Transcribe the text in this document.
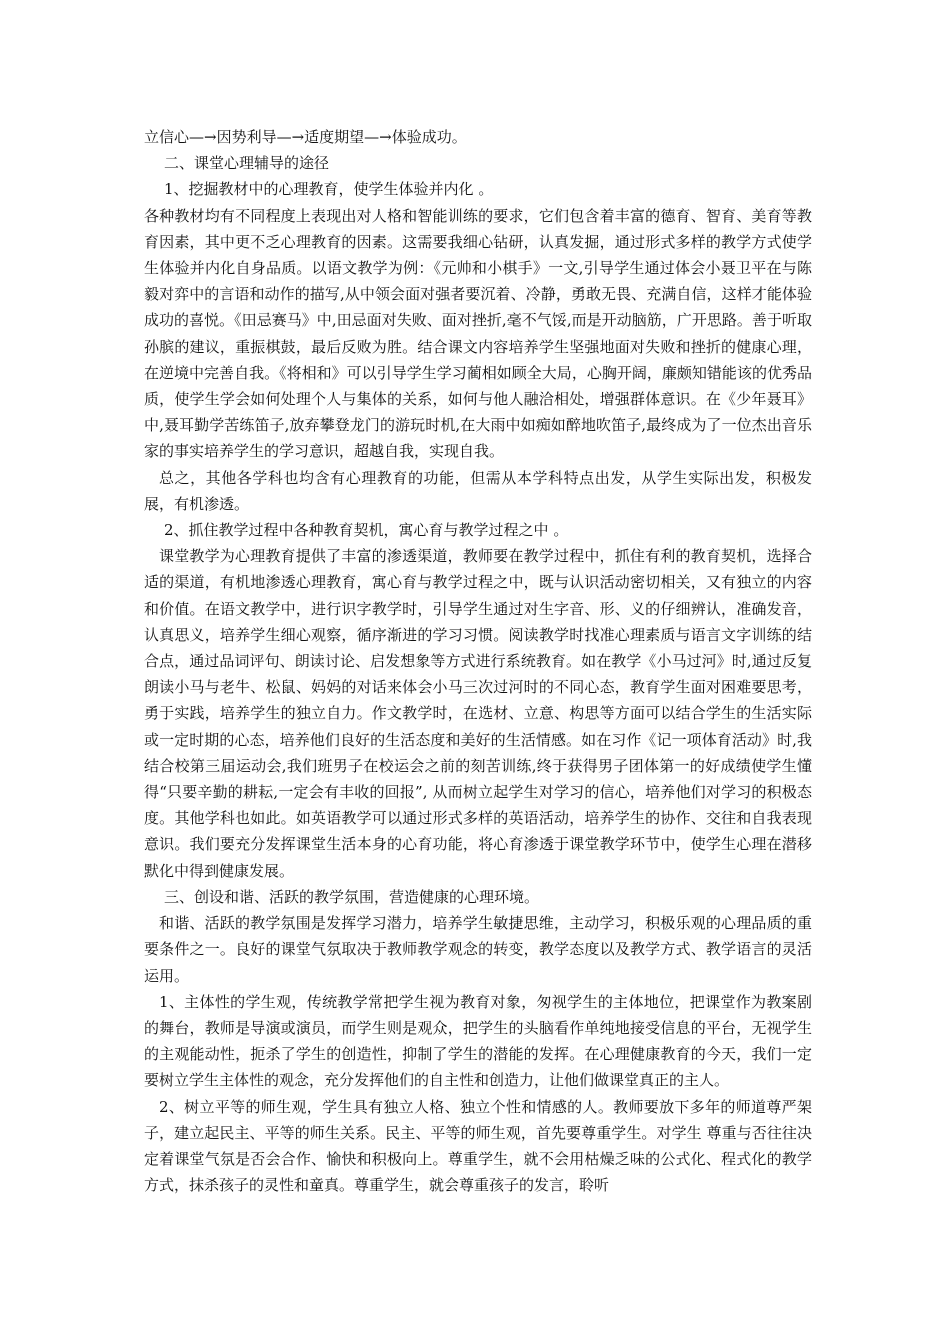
立信心—→因势利导—→适度期望—→体验成功。

二、课堂心理辅导的途径

1、挖掘教材中的心理教育，使学生体验并内化 。

各种教材均有不同程度上表现出对人格和智能训练的要求，它们包含着丰富的德育、智育、美育等教育因素，其中更不乏心理教育的因素。这需要我细心钻研，认真发掘，通过形式多样的教学方式使学生体验并内化自身品质。以语文教学为例：《元帅和小棋手》一文,引导学生通过体会小聂卫平在与陈毅对弈中的言语和动作的描写,从中领会面对强者要沉着、冷静，勇敢无畏、充满自信，这样才能体验成功的喜悦。《田忌赛马》中,田忌面对失败、面对挫折,毫不气馁,而是开动脑筋，广开思路。善于听取孙膑的建议，重振棋鼓，最后反败为胜。结合课文内容培养学生坚强地面对失败和挫折的健康心理，在逆境中完善自我。《将相和》可以引导学生学习蔺相如顾全大局，心胸开阔，廉颇知错能该的优秀品质，使学生学会如何处理个人与集体的关系，如何与他人融洽相处，增强群体意识。在《少年聂耳》中,聂耳勤学苦练笛子,放弃攀登龙门的游玩时机,在大雨中如痴如醉地吹笛子,最终成为了一位杰出音乐家的事实培养学生的学习意识，超越自我，实现自我。

总之，其他各学科也均含有心理教育的功能，但需从本学科特点出发，从学生实际出发，积极发展，有机渗透。

2、抓住教学过程中各种教育契机，寓心育与教学过程之中 。

课堂教学为心理教育提供了丰富的渗透渠道，教师要在教学过程中，抓住有利的教育契机，选择合适的渠道，有机地渗透心理教育，寓心育与教学过程之中，既与认识活动密切相关，又有独立的内容和价值。在语文教学中，进行识字教学时，引导学生通过对生字音、形、义的仔细辨认，准确发音，认真思义，培养学生细心观察，循序渐进的学习习惯。阅读教学时找准心理素质与语言文字训练的结合点，通过品词评句、朗读讨论、启发想象等方式进行系统教育。如在教学《小马过河》时,通过反复朗读小马与老牛、松鼠、妈妈的对话来体会小马三次过河时的不同心态，教育学生面对困难要思考，勇于实践，培养学生的独立自力。作文教学时，在选材、立意、构思等方面可以结合学生的生活实际或一定时期的心态，培养他们良好的生活态度和美好的生活情感。如在习作《记一项体育活动》时,我结合校第三届运动会,我们班男子在校运会之前的刻苦训练,终于获得男子团体第一的好成绩使学生懂得“只要辛勤的耕耘,一定会有丰收的回报”, 从而树立起学生对学习的信心，培养他们对学习的积极态度。其他学科也如此。如英语教学可以通过形式多样的英语活动，培养学生的协作、交往和自我表现意识。我们要充分发挥课堂生活本身的心育功能，将心育渗透于课堂教学环节中，使学生心理在潜移默化中得到健康发展。

三、创设和谐、活跃的教学氛围，营造健康的心理环境。

和谐、活跃的教学氛围是发挥学习潜力，培养学生敏捷思维，主动学习，积极乐观的心理品质的重要条件之一。良好的课堂气氛取决于教师教学观念的转变，教学态度以及教学方式、教学语言的灵活运用。

1、主体性的学生观，传统教学常把学生视为教育对象，匆视学生的主体地位，把课堂作为教案剧的舞台，教师是导演或演员，而学生则是观众，把学生的头脑看作单纯地接受信息的平台，无视学生的主观能动性，扼杀了学生的创造性，抑制了学生的潜能的发挥。在心理健康教育的今天，我们一定要树立学生主体性的观念，充分发挥他们的自主性和创造力，让他们做课堂真正的主人。

2、树立平等的师生观，学生具有独立人格、独立个性和情感的人。教师要放下多年的师道尊严架子，建立起民主、平等的师生关系。民主、平等的师生观，首先要尊重学生。对学生 尊重与否往往决定着课堂气氛是否会合作、愉快和积极向上。尊重学生，就不会用枯燥乏味的公式化、程式化的教学方式，抹杀孩子的灵性和童真。尊重学生，就会尊重孩子的发言，聆听
